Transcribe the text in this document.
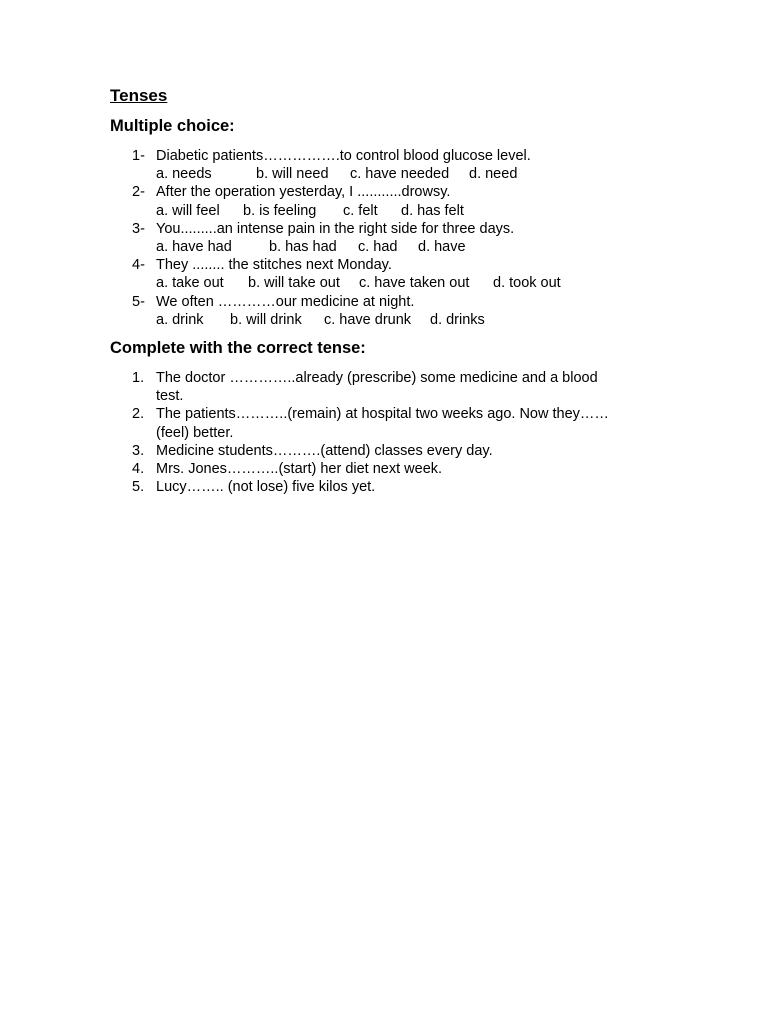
Tenses
Multiple choice:
1- Diabetic patients…………….to control blood glucose level.
a. needs	b. will need c. have needed d. need
2- After the operation yesterday, I ...........drowsy.
a. will feel b. is feeling c. felt d. has felt
3- You.........an intense pain in the right side for three days.
a. have had	b. has had c. had d. have
4- They ........ the stitches next Monday.
a. take out b. will take out c. have taken out d. took out
5- We often …………our medicine at night.
a. drink b. will drink c. have drunk d. drinks
Complete with the correct tense:
1. The doctor …………..already (prescribe) some medicine and a blood
test.
2. The patients………..(remain) at hospital two weeks ago. Now they……
(feel) better.
3. Medicine students……….(attend) classes every day.
4. Mrs. Jones………..(start) her diet next week.
5. Lucy…….. (not lose) five kilos yet.
